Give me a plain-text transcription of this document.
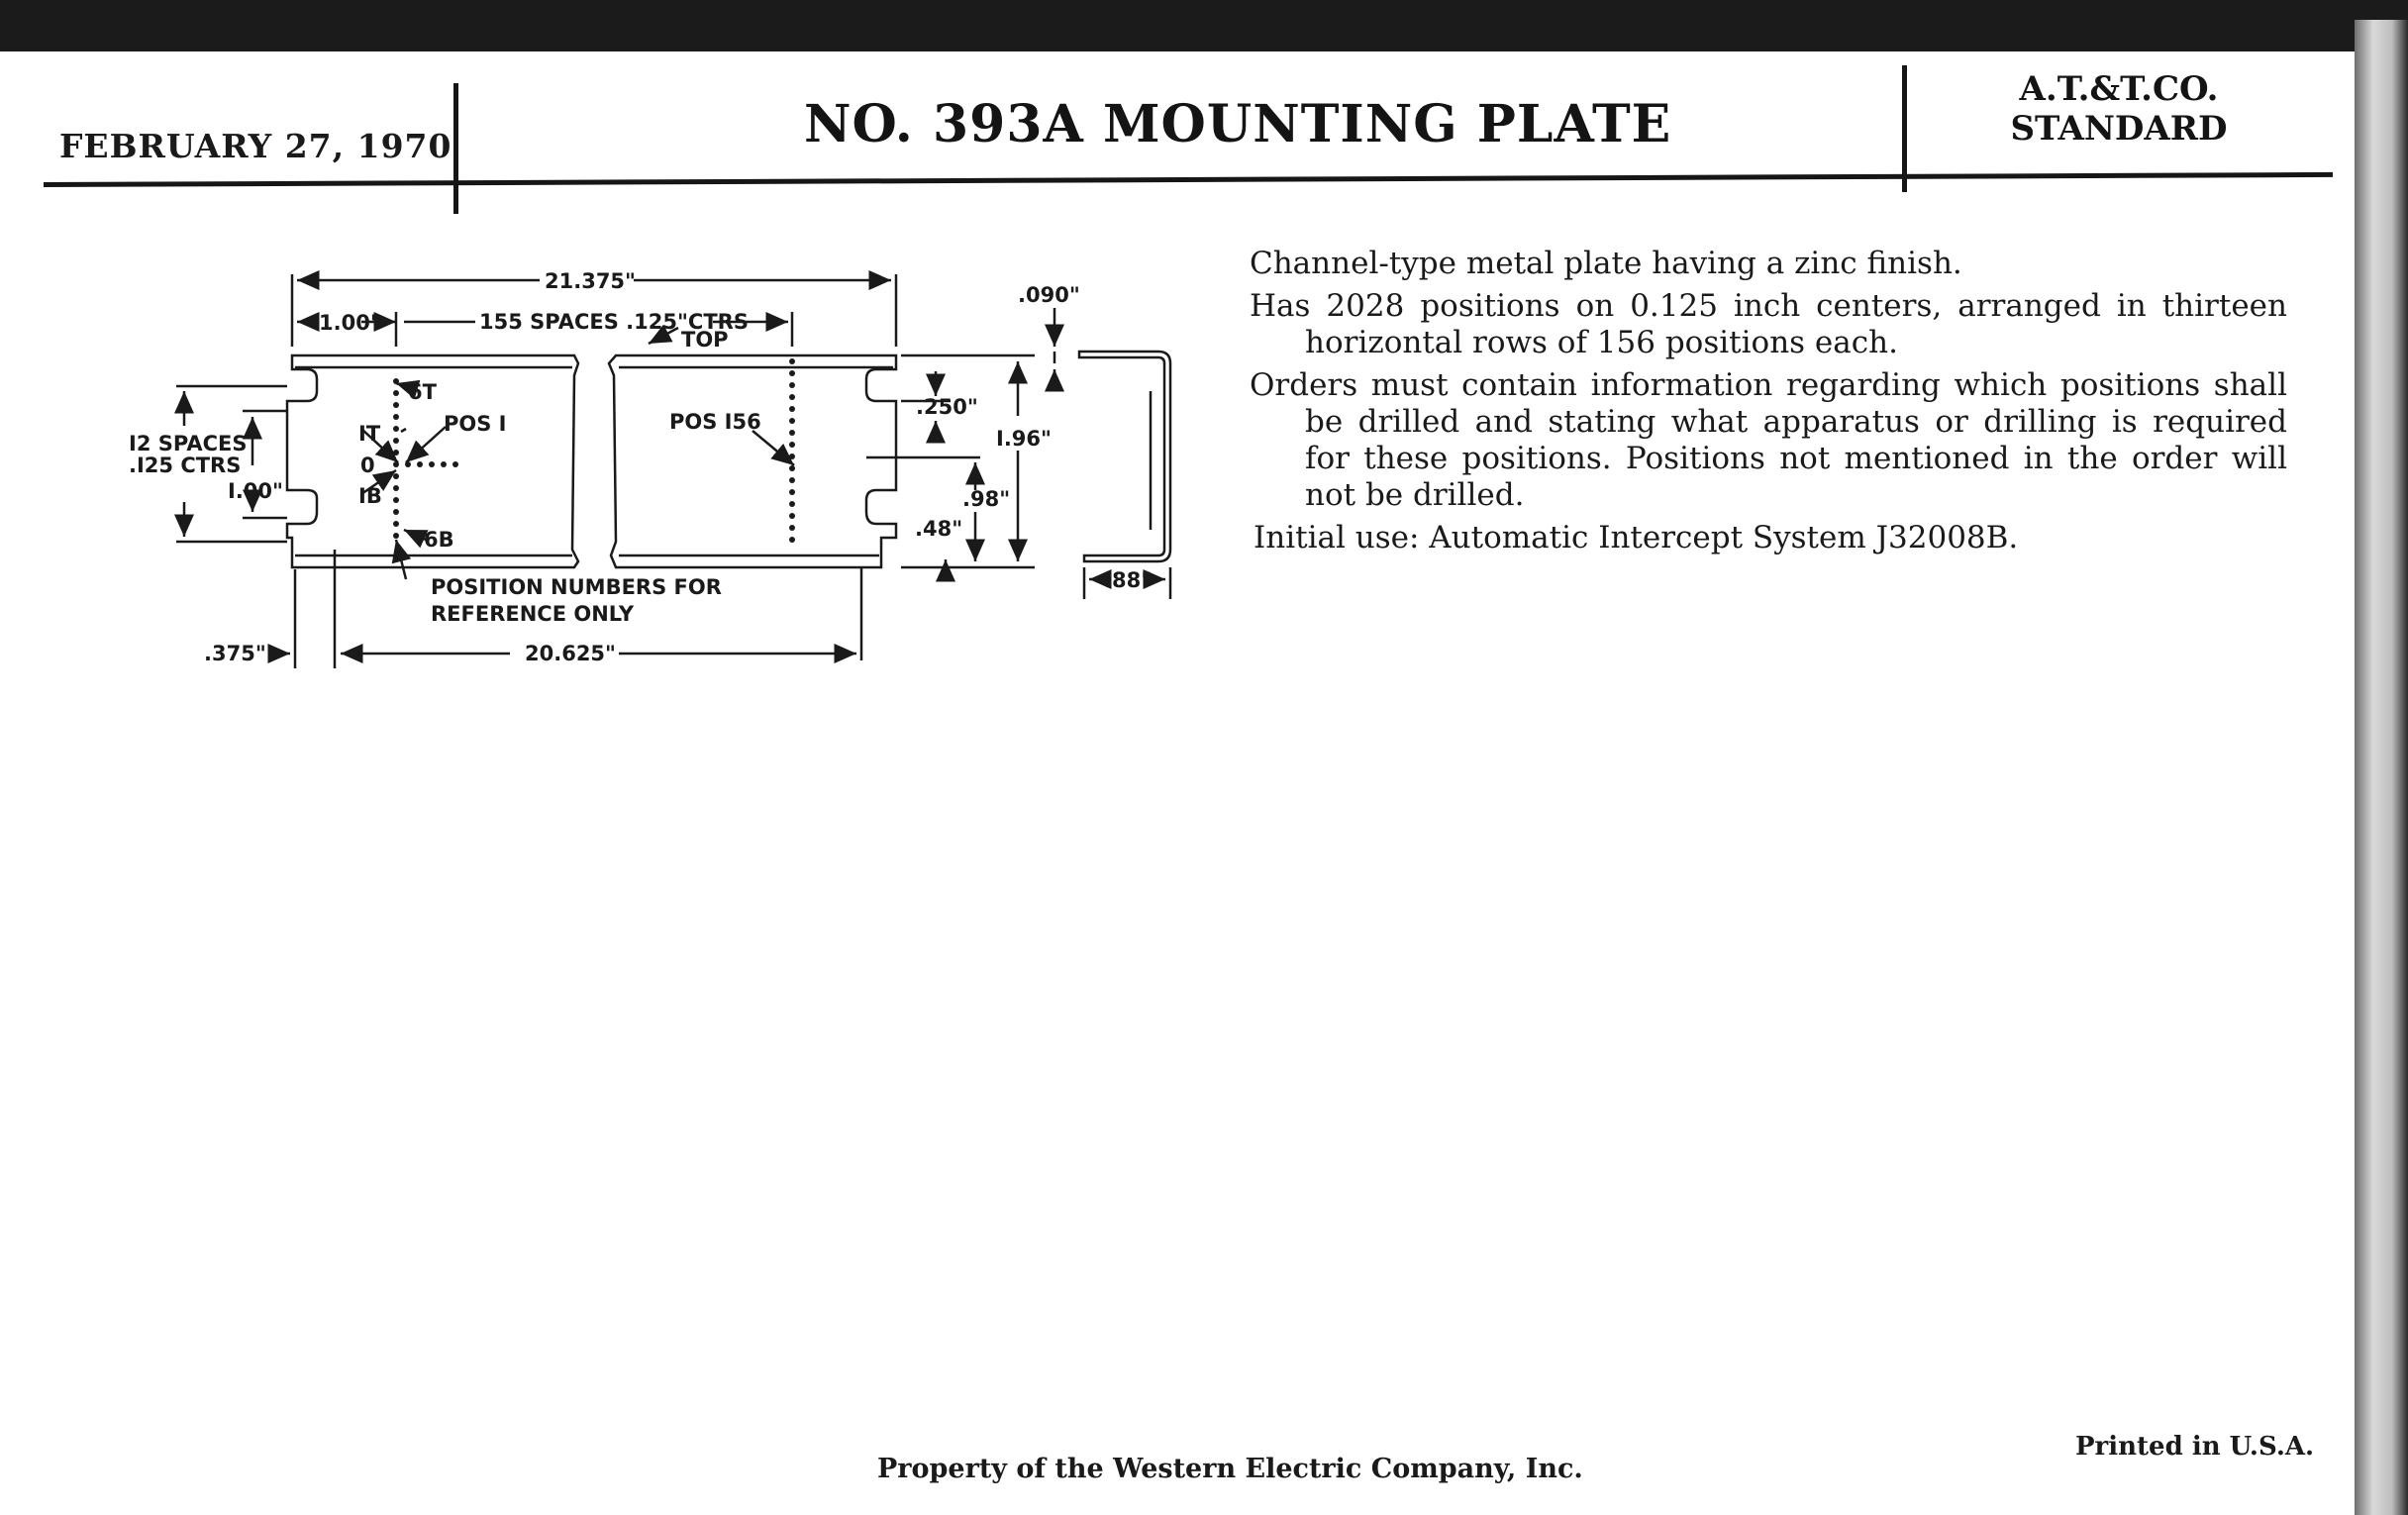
FEBRUARY 27, 1970	NO. 393A MOUNTING PLATE
A.T.&T.CO.
STANDARD
21.375"
1.00"	155 SPACES .125"CTRS
TOP
6T
IT
0
IB
6B
POS I	POS I56
I2 SPACES
.I25 CTRS
I.00"
.250"
I.96"
.98"
.48"
.090"
.88"
POSITION NUMBERS FOR
REFERENCE ONLY
.375"	20.625"

Channel-type metal plate having a zinc finish.

Has 2028 positions on 0.125 inch centers, arranged in thirteen horizontal rows of 156 positions each.

Orders must contain information regarding which positions shall be drilled and stating what apparatus or drilling is required for these positions. Positions not mentioned in the order will not be drilled.

Initial use: Automatic Intercept System J32008B.

Property of the Western Electric Company, Inc.
Printed in U.S.A.
